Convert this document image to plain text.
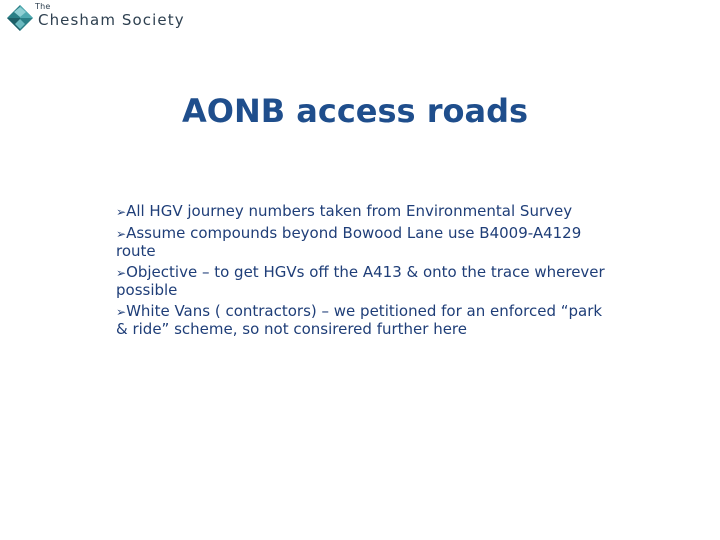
The
Chesham Society
AONB access roads
➢All HGV journey numbers taken from Environmental Survey
➢Assume compounds beyond Bowood Lane use B4009-A4129 route
➢Objective – to get HGVs off the A413 & onto the trace wherever possible
➢White Vans ( contractors) – we petitioned for an enforced “park & ride” scheme, so not consirered further here
